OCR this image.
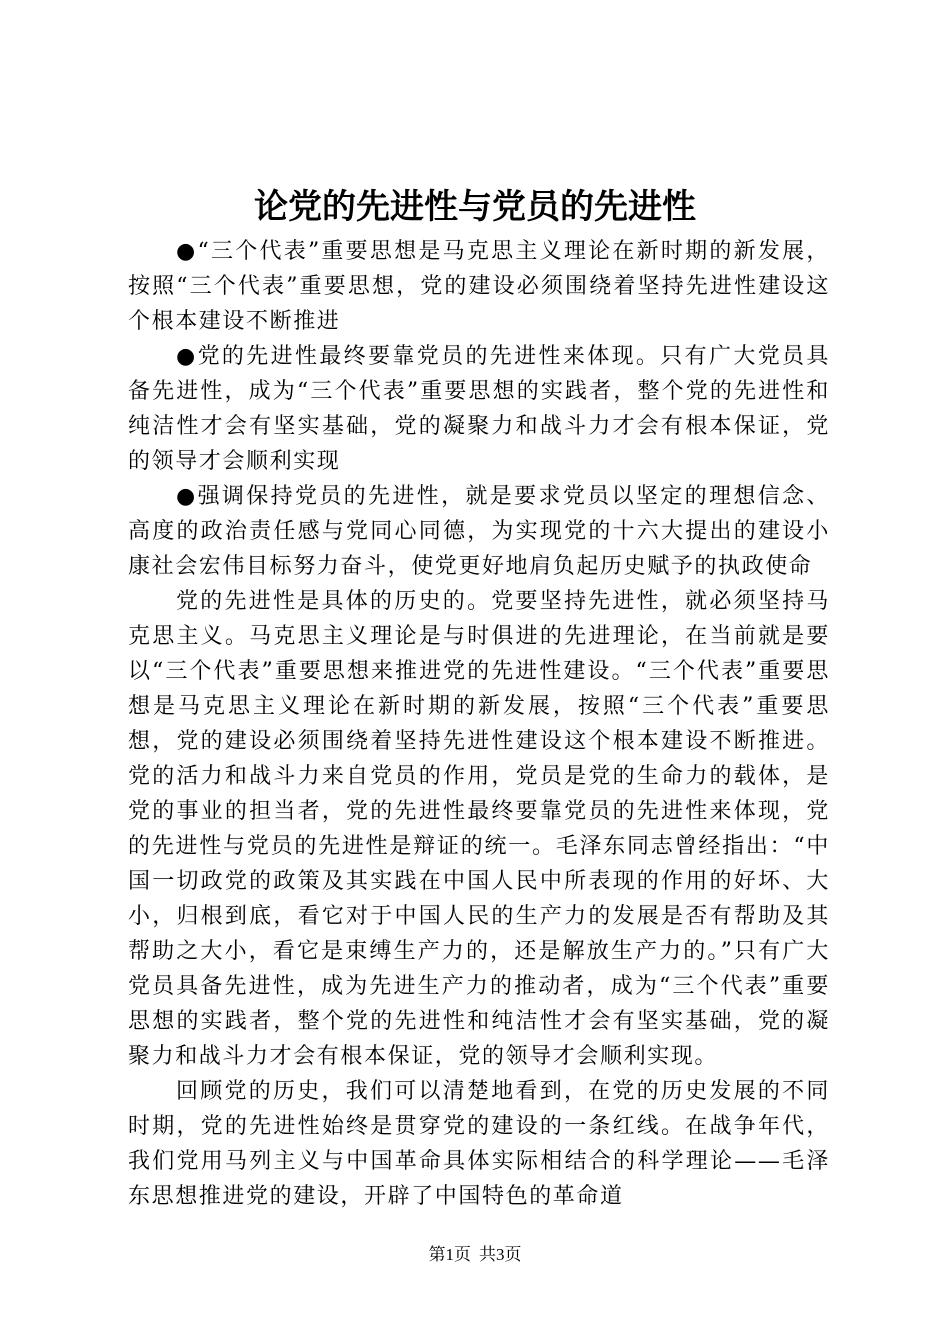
论党的先进性与党员的先进性

●“三个代表”重要思想是马克思主义理论在新时期的新发展，按照“三个代表”重要思想，党的建设必须围绕着坚持先进性建设这个根本建设不断推进

●党的先进性最终要靠党员的先进性来体现。只有广大党员具备先进性，成为“三个代表”重要思想的实践者，整个党的先进性和纯洁性才会有坚实基础，党的凝聚力和战斗力才会有根本保证，党的领导才会顺利实现

●强调保持党员的先进性，就是要求党员以坚定的理想信念、高度的政治责任感与党同心同德，为实现党的十六大提出的建设小康社会宏伟目标努力奋斗，使党更好地肩负起历史赋予的执政使命

党的先进性是具体的历史的。党要坚持先进性，就必须坚持马克思主义。马克思主义理论是与时俱进的先进理论，在当前就是要以“三个代表”重要思想来推进党的先进性建设。“三个代表”重要思想是马克思主义理论在新时期的新发展，按照“三个代表”重要思想，党的建设必须围绕着坚持先进性建设这个根本建设不断推进。党的活力和战斗力来自党员的作用，党员是党的生命力的载体，是党的事业的担当者，党的先进性最终要靠党员的先进性来体现，党的先进性与党员的先进性是辩证的统一。毛泽东同志曾经指出：“中国一切政党的政策及其实践在中国人民中所表现的作用的好坏、大小，归根到底，看它对于中国人民的生产力的发展是否有帮助及其帮助之大小，看它是束缚生产力的，还是解放生产力的。”只有广大党员具备先进性，成为先进生产力的推动者，成为“三个代表”重要思想的实践者，整个党的先进性和纯洁性才会有坚实基础，党的凝聚力和战斗力才会有根本保证，党的领导才会顺利实现。

回顾党的历史，我们可以清楚地看到，在党的历史发展的不同时期，党的先进性始终是贯穿党的建设的一条红线。在战争年代，我们党用马列主义与中国革命具体实际相结合的科学理论——毛泽东思想推进党的建设，开辟了中国特色的革命道

第1页 共3页
